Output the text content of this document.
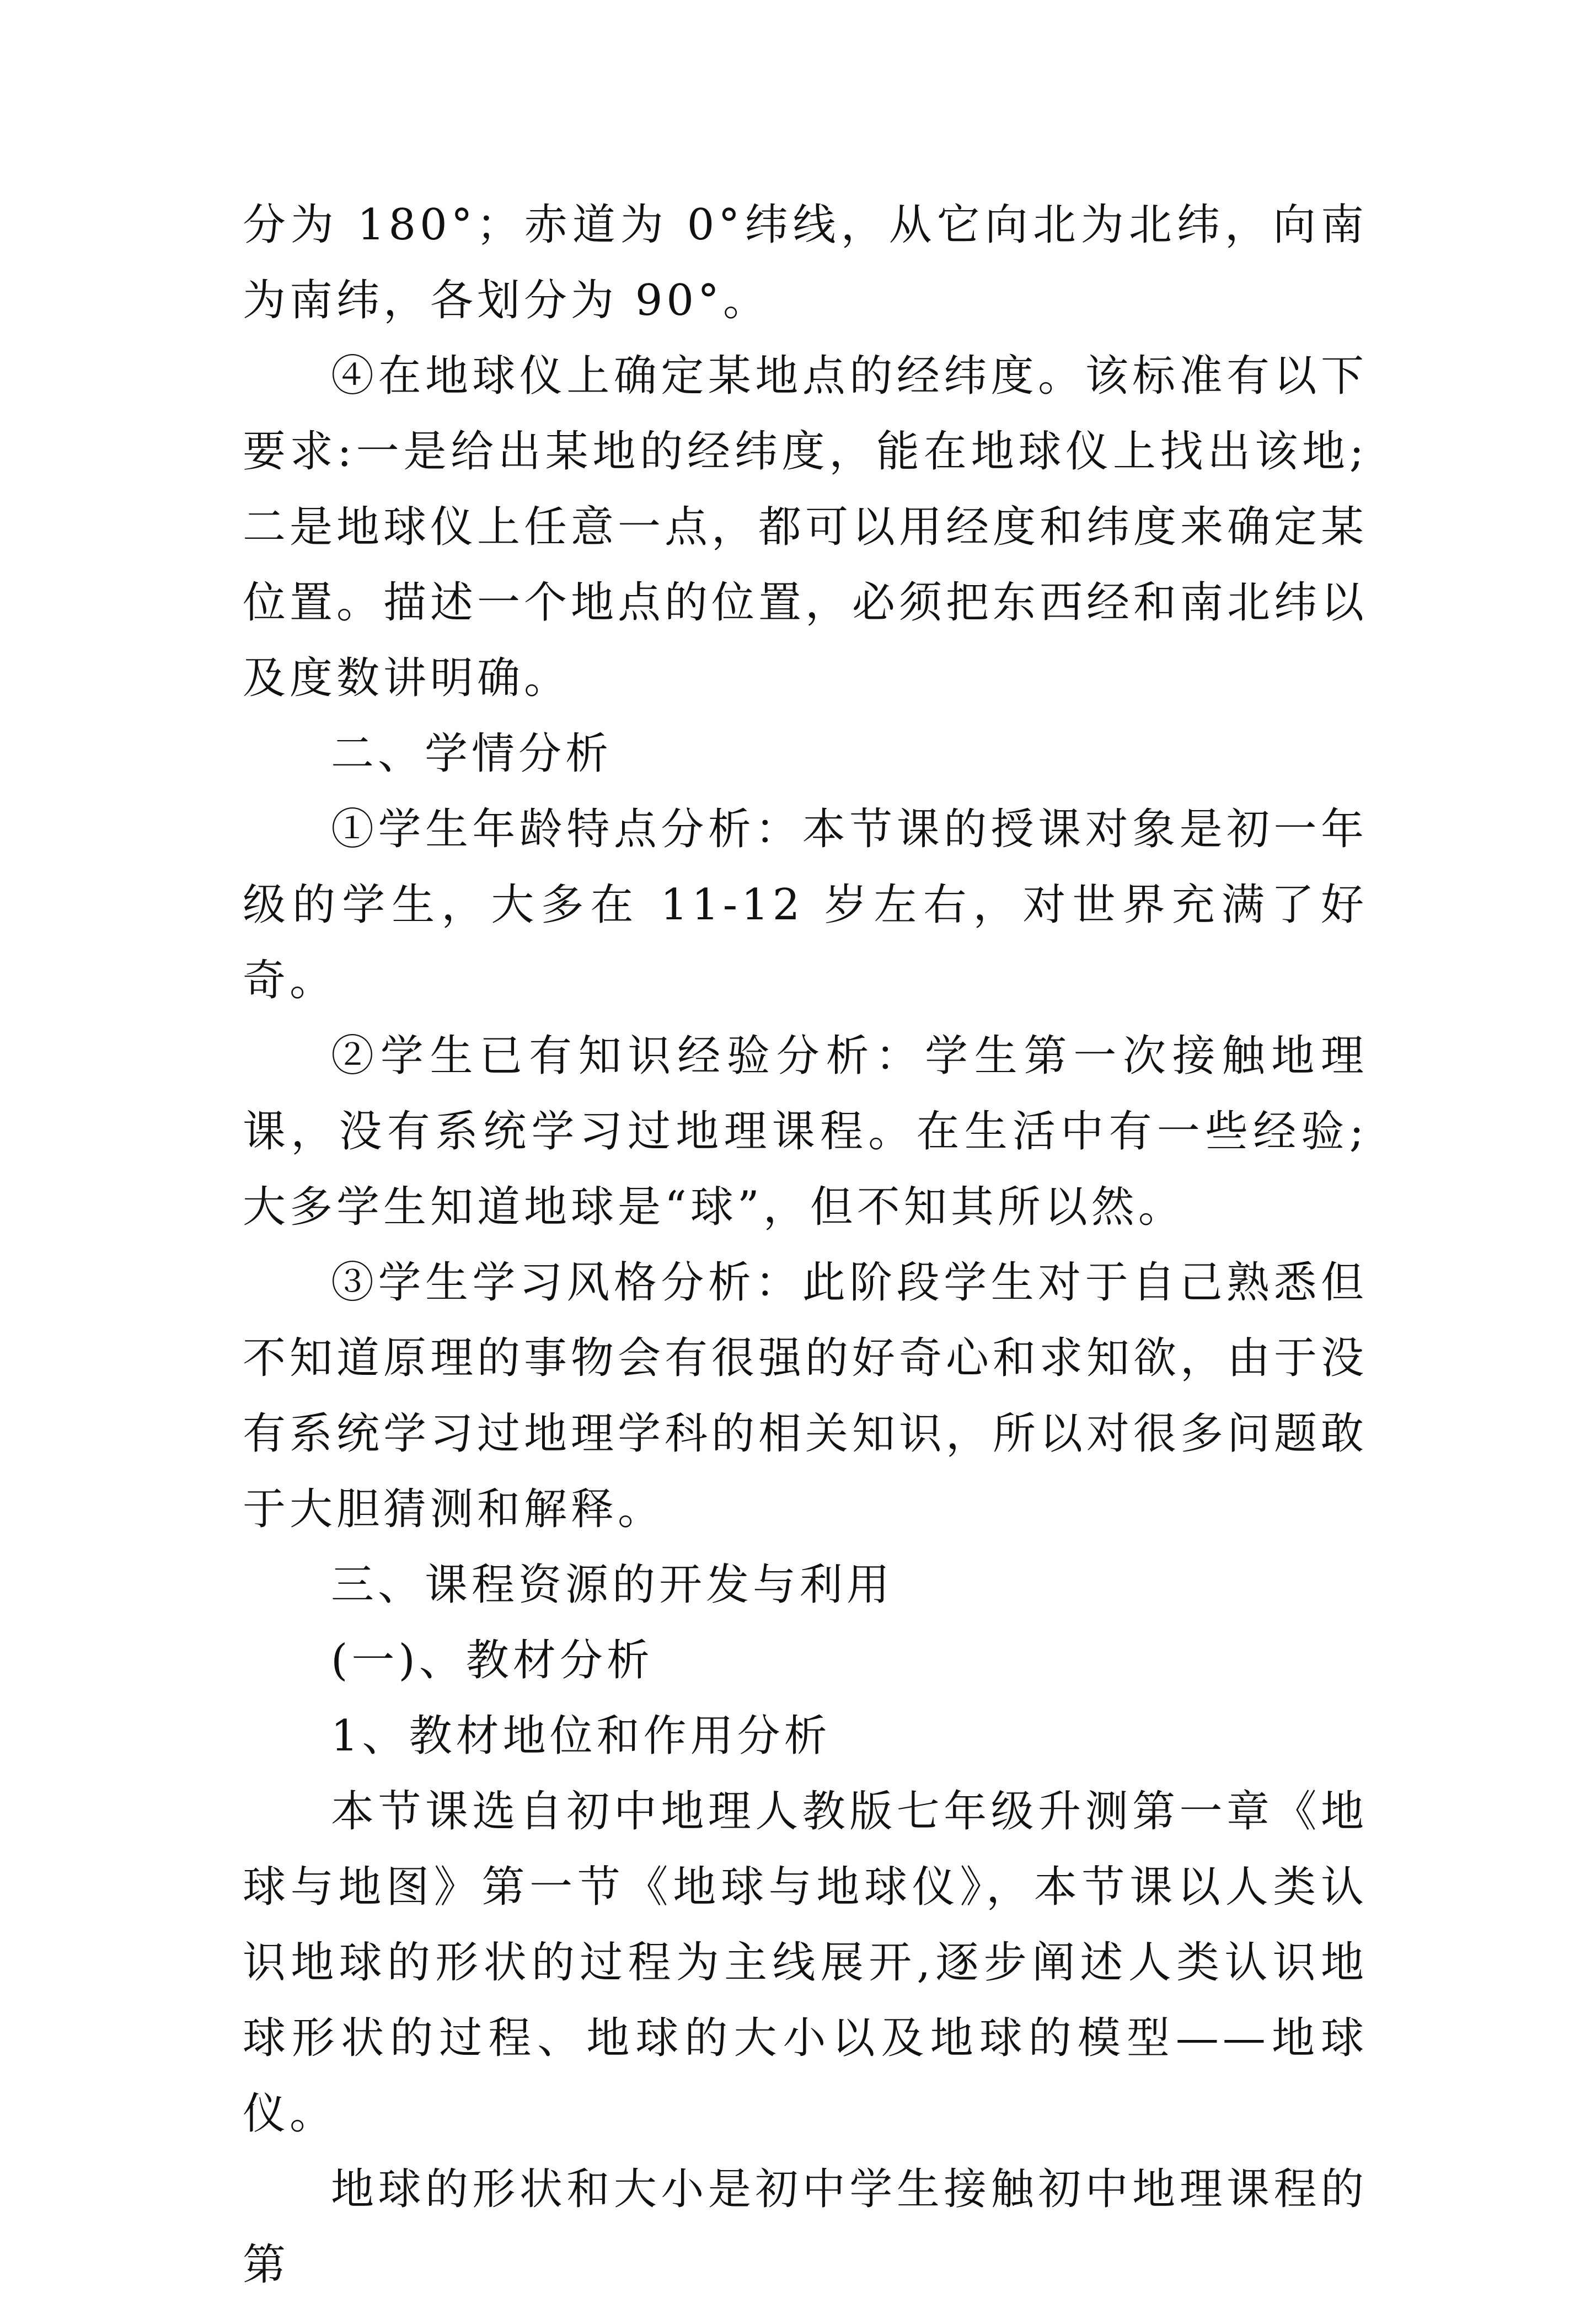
分为 180°；赤道为 0°纬线，从它向北为北纬，向南为南纬，各划分为 90°。

④在地球仪上确定某地点的经纬度。该标准有以下要求:一是给出某地的经纬度，能在地球仪上找出该地;二是地球仪上任意一点，都可以用经度和纬度来确定某位置。描述一个地点的位置，必须把东西经和南北纬以及度数讲明确。

二、学情分析

①学生年龄特点分析：本节课的授课对象是初一年级的学生，大多在 11-12 岁左右，对世界充满了好奇。

②学生已有知识经验分析：学生第一次接触地理课，没有系统学习过地理课程。在生活中有一些经验;大多学生知道地球是“球”，但不知其所以然。

③学生学习风格分析：此阶段学生对于自己熟悉但不知道原理的事物会有很强的好奇心和求知欲，由于没有系统学习过地理学科的相关知识，所以对很多问题敢于大胆猜测和解释。

三、课程资源的开发与利用

(一)、教材分析

1、教材地位和作用分析

本节课选自初中地理人教版七年级升测第一章《地球与地图》第一节《地球与地球仪》，本节课以人类认识地球的形状的过程为主线展开,逐步阐述人类认识地球形状的过程、地球的大小以及地球的模型——地球仪。

地球的形状和大小是初中学生接触初中地理课程的第
